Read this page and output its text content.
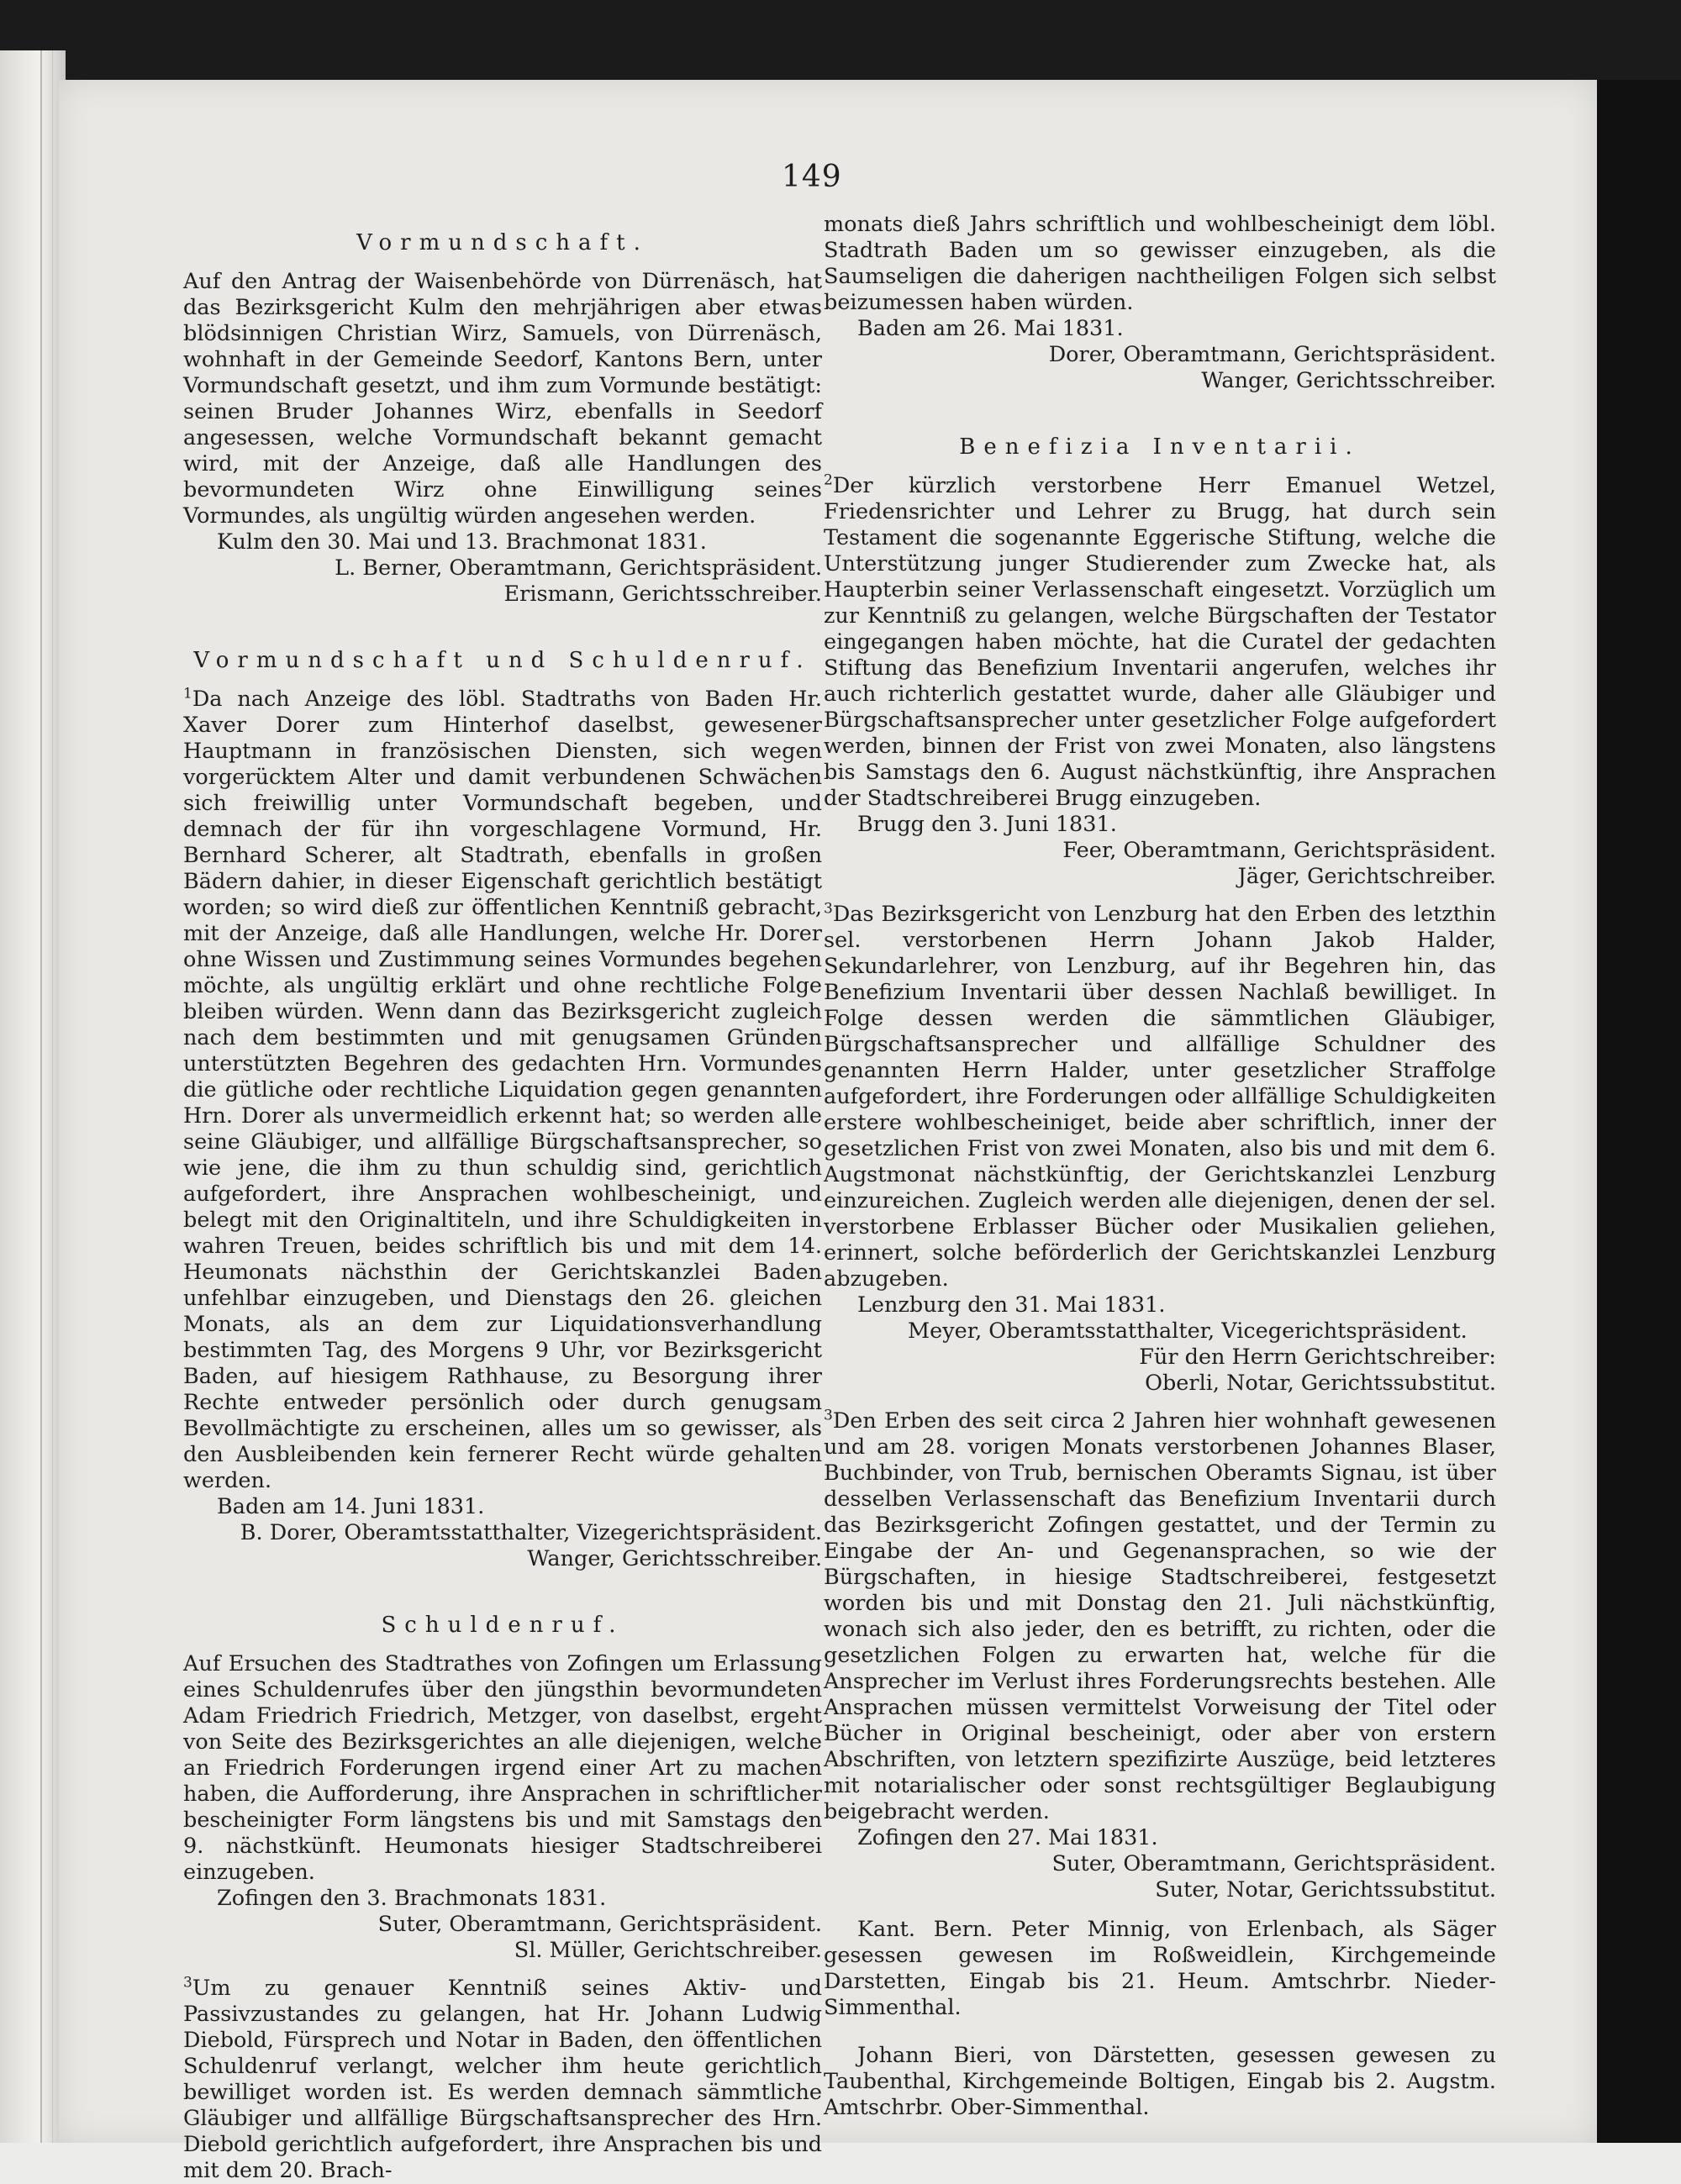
149
Vormundschaft.

Auf den Antrag der Waisenbehörde von Dürrenäsch, hat das Bezirksgericht Kulm den mehrjährigen aber etwas blödsinnigen Christian Wirz, Samuels, von Dürrenäsch, wohnhaft in der Gemeinde Seedorf, Kantons Bern, unter Vormundschaft gesetzt, und ihm zum Vormunde bestätigt: seinen Bruder Johannes Wirz, ebenfalls in Seedorf angesessen, welche Vormundschaft bekannt gemacht wird, mit der Anzeige, daß alle Handlungen des bevormundeten Wirz ohne Einwilligung seines Vormundes, als ungültig würden angesehen werden.

Kulm den 30. Mai und 13. Brachmonat 1831.

L. Berner, Oberamtmann, Gerichtspräsident.

Erismann, Gerichtsschreiber.

Vormundschaft und Schuldenruf.

$^1$Da nach Anzeige des löbl. Stadtraths von Baden Hr. Xaver Dorer zum Hinterhof daselbst, gewesener Hauptmann in französischen Diensten, sich wegen vorgerücktem Alter und damit verbundenen Schwächen sich freiwillig unter Vormundschaft begeben, und demnach der für ihn vorgeschlagene Vormund, Hr. Bernhard Scherer, alt Stadtrath, ebenfalls in großen Bädern dahier, in dieser Eigenschaft gerichtlich bestätigt worden; so wird dieß zur öffentlichen Kenntniß gebracht, mit der Anzeige, daß alle Handlungen, welche Hr. Dorer ohne Wissen und Zustimmung seines Vormundes begehen möchte, als ungültig erklärt und ohne rechtliche Folge bleiben würden. Wenn dann das Bezirksgericht zugleich nach dem bestimmten und mit genugsamen Gründen unterstützten Begehren des gedachten Hrn. Vormundes die gütliche oder rechtliche Liquidation gegen genannten Hrn. Dorer als unvermeidlich erkennt hat; so werden alle seine Gläubiger, und allfällige Bürgschaftsansprecher, so wie jene, die ihm zu thun schuldig sind, gerichtlich aufgefordert, ihre Ansprachen wohlbescheinigt, und belegt mit den Originaltiteln, und ihre Schuldigkeiten in wahren Treuen, beides schriftlich bis und mit dem 14. Heumonats nächsthin der Gerichtskanzlei Baden unfehlbar einzugeben, und Dienstags den 26. gleichen Monats, als an dem zur Liquidationsverhandlung bestimmten Tag, des Morgens 9 Uhr, vor Bezirksgericht Baden, auf hiesigem Rathhause, zu Besorgung ihrer Rechte entweder persönlich oder durch genugsam Bevollmächtigte zu erscheinen, alles um so gewisser, als den Ausbleibenden kein fernerer Recht würde gehalten werden.

Baden am 14. Juni 1831.

B. Dorer, Oberamtsstatthalter, Vizegerichtspräsident.

Wanger, Gerichtsschreiber.

Schuldenruf.

Auf Ersuchen des Stadtrathes von Zofingen um Erlassung eines Schuldenrufes über den jüngsthin bevormundeten Adam Friedrich Friedrich, Metzger, von daselbst, ergeht von Seite des Bezirksgerichtes an alle diejenigen, welche an Friedrich Forderungen irgend einer Art zu machen haben, die Aufforderung, ihre Ansprachen in schriftlicher bescheinigter Form längstens bis und mit Samstags den 9. nächstkünft. Heumonats hiesiger Stadtschreiberei einzugeben.

Zofingen den 3. Brachmonats 1831.

Suter, Oberamtmann, Gerichtspräsident.

Sl. Müller, Gerichtschreiber.

$^3$Um zu genauer Kenntniß seines Aktiv- und Passivzustandes zu gelangen, hat Hr. Johann Ludwig Diebold, Fürsprech und Notar in Baden, den öffentlichen Schuldenruf verlangt, welcher ihm heute gerichtlich bewilliget worden ist. Es werden demnach sämmtliche Gläubiger und allfällige Bürgschaftsansprecher des Hrn. Diebold gerichtlich aufgefordert, ihre Ansprachen bis und mit dem 20. Brach-

monats dieß Jahrs schriftlich und wohlbescheinigt dem löbl. Stadtrath Baden um so gewisser einzugeben, als die Saumseligen die daherigen nachtheiligen Folgen sich selbst beizumessen haben würden.

Baden am 26. Mai 1831.

Dorer, Oberamtmann, Gerichtspräsident.

Wanger, Gerichtsschreiber.

Benefizia Inventarii.

$^2$Der kürzlich verstorbene Herr Emanuel Wetzel, Friedensrichter und Lehrer zu Brugg, hat durch sein Testament die sogenannte Eggerische Stiftung, welche die Unterstützung junger Studierender zum Zwecke hat, als Haupterbin seiner Verlassenschaft eingesetzt. Vorzüglich um zur Kenntniß zu gelangen, welche Bürgschaften der Testator eingegangen haben möchte, hat die Curatel der gedachten Stiftung das Benefizium Inventarii angerufen, welches ihr auch richterlich gestattet wurde, daher alle Gläubiger und Bürgschaftsansprecher unter gesetzlicher Folge aufgefordert werden, binnen der Frist von zwei Monaten, also längstens bis Samstags den 6. August nächstkünftig, ihre Ansprachen der Stadtschreiberei Brugg einzugeben.

Brugg den 3. Juni 1831.

Feer, Oberamtmann, Gerichtspräsident.

Jäger, Gerichtschreiber.

$^3$Das Bezirksgericht von Lenzburg hat den Erben des letzthin sel. verstorbenen Herrn Johann Jakob Halder, Sekundarlehrer, von Lenzburg, auf ihr Begehren hin, das Benefizium Inventarii über dessen Nachlaß bewilliget. In Folge dessen werden die sämmtlichen Gläubiger, Bürgschaftsansprecher und allfällige Schuldner des genannten Herrn Halder, unter gesetzlicher Straffolge aufgefordert, ihre Forderungen oder allfällige Schuldigkeiten erstere wohlbescheiniget, beide aber schriftlich, inner der gesetzlichen Frist von zwei Monaten, also bis und mit dem 6. Augstmonat nächstkünftig, der Gerichtskanzlei Lenzburg einzureichen. Zugleich werden alle diejenigen, denen der sel. verstorbene Erblasser Bücher oder Musikalien geliehen, erinnert, solche beförderlich der Gerichtskanzlei Lenzburg abzugeben.

Lenzburg den 31. Mai 1831.

Meyer, Oberamtsstatthalter, Vicegerichtspräsident.

Für den Herrn Gerichtschreiber:

Oberli, Notar, Gerichtssubstitut.

$^3$Den Erben des seit circa 2 Jahren hier wohnhaft gewesenen und am 28. vorigen Monats verstorbenen Johannes Blaser, Buchbinder, von Trub, bernischen Oberamts Signau, ist über desselben Verlassenschaft das Benefizium Inventarii durch das Bezirksgericht Zofingen gestattet, und der Termin zu Eingabe der An- und Gegenansprachen, so wie der Bürgschaften, in hiesige Stadtschreiberei, festgesetzt worden bis und mit Donstag den 21. Juli nächstkünftig, wonach sich also jeder, den es betrifft, zu richten, oder die gesetzlichen Folgen zu erwarten hat, welche für die Ansprecher im Verlust ihres Forderungsrechts bestehen. Alle Ansprachen müssen vermittelst Vorweisung der Titel oder Bücher in Original bescheinigt, oder aber von erstern Abschriften, von letztern spezifizirte Auszüge, beid letzteres mit notarialischer oder sonst rechtsgültiger Beglaubigung beigebracht werden.

Zofingen den 27. Mai 1831.

Suter, Oberamtmann, Gerichtspräsident.

Suter, Notar, Gerichtssubstitut.

Kant. Bern. Peter Minnig, von Erlenbach, als Säger gesessen gewesen im Roßweidlein, Kirchgemeinde Darstetten, Eingab bis 21. Heum. Amtschrbr. Nieder-Simmenthal.

Johann Bieri, von Därstetten, gesessen gewesen zu Taubenthal, Kirchgemeinde Boltigen, Eingab bis 2. Augstm. Amtschrbr. Ober-Simmenthal.
